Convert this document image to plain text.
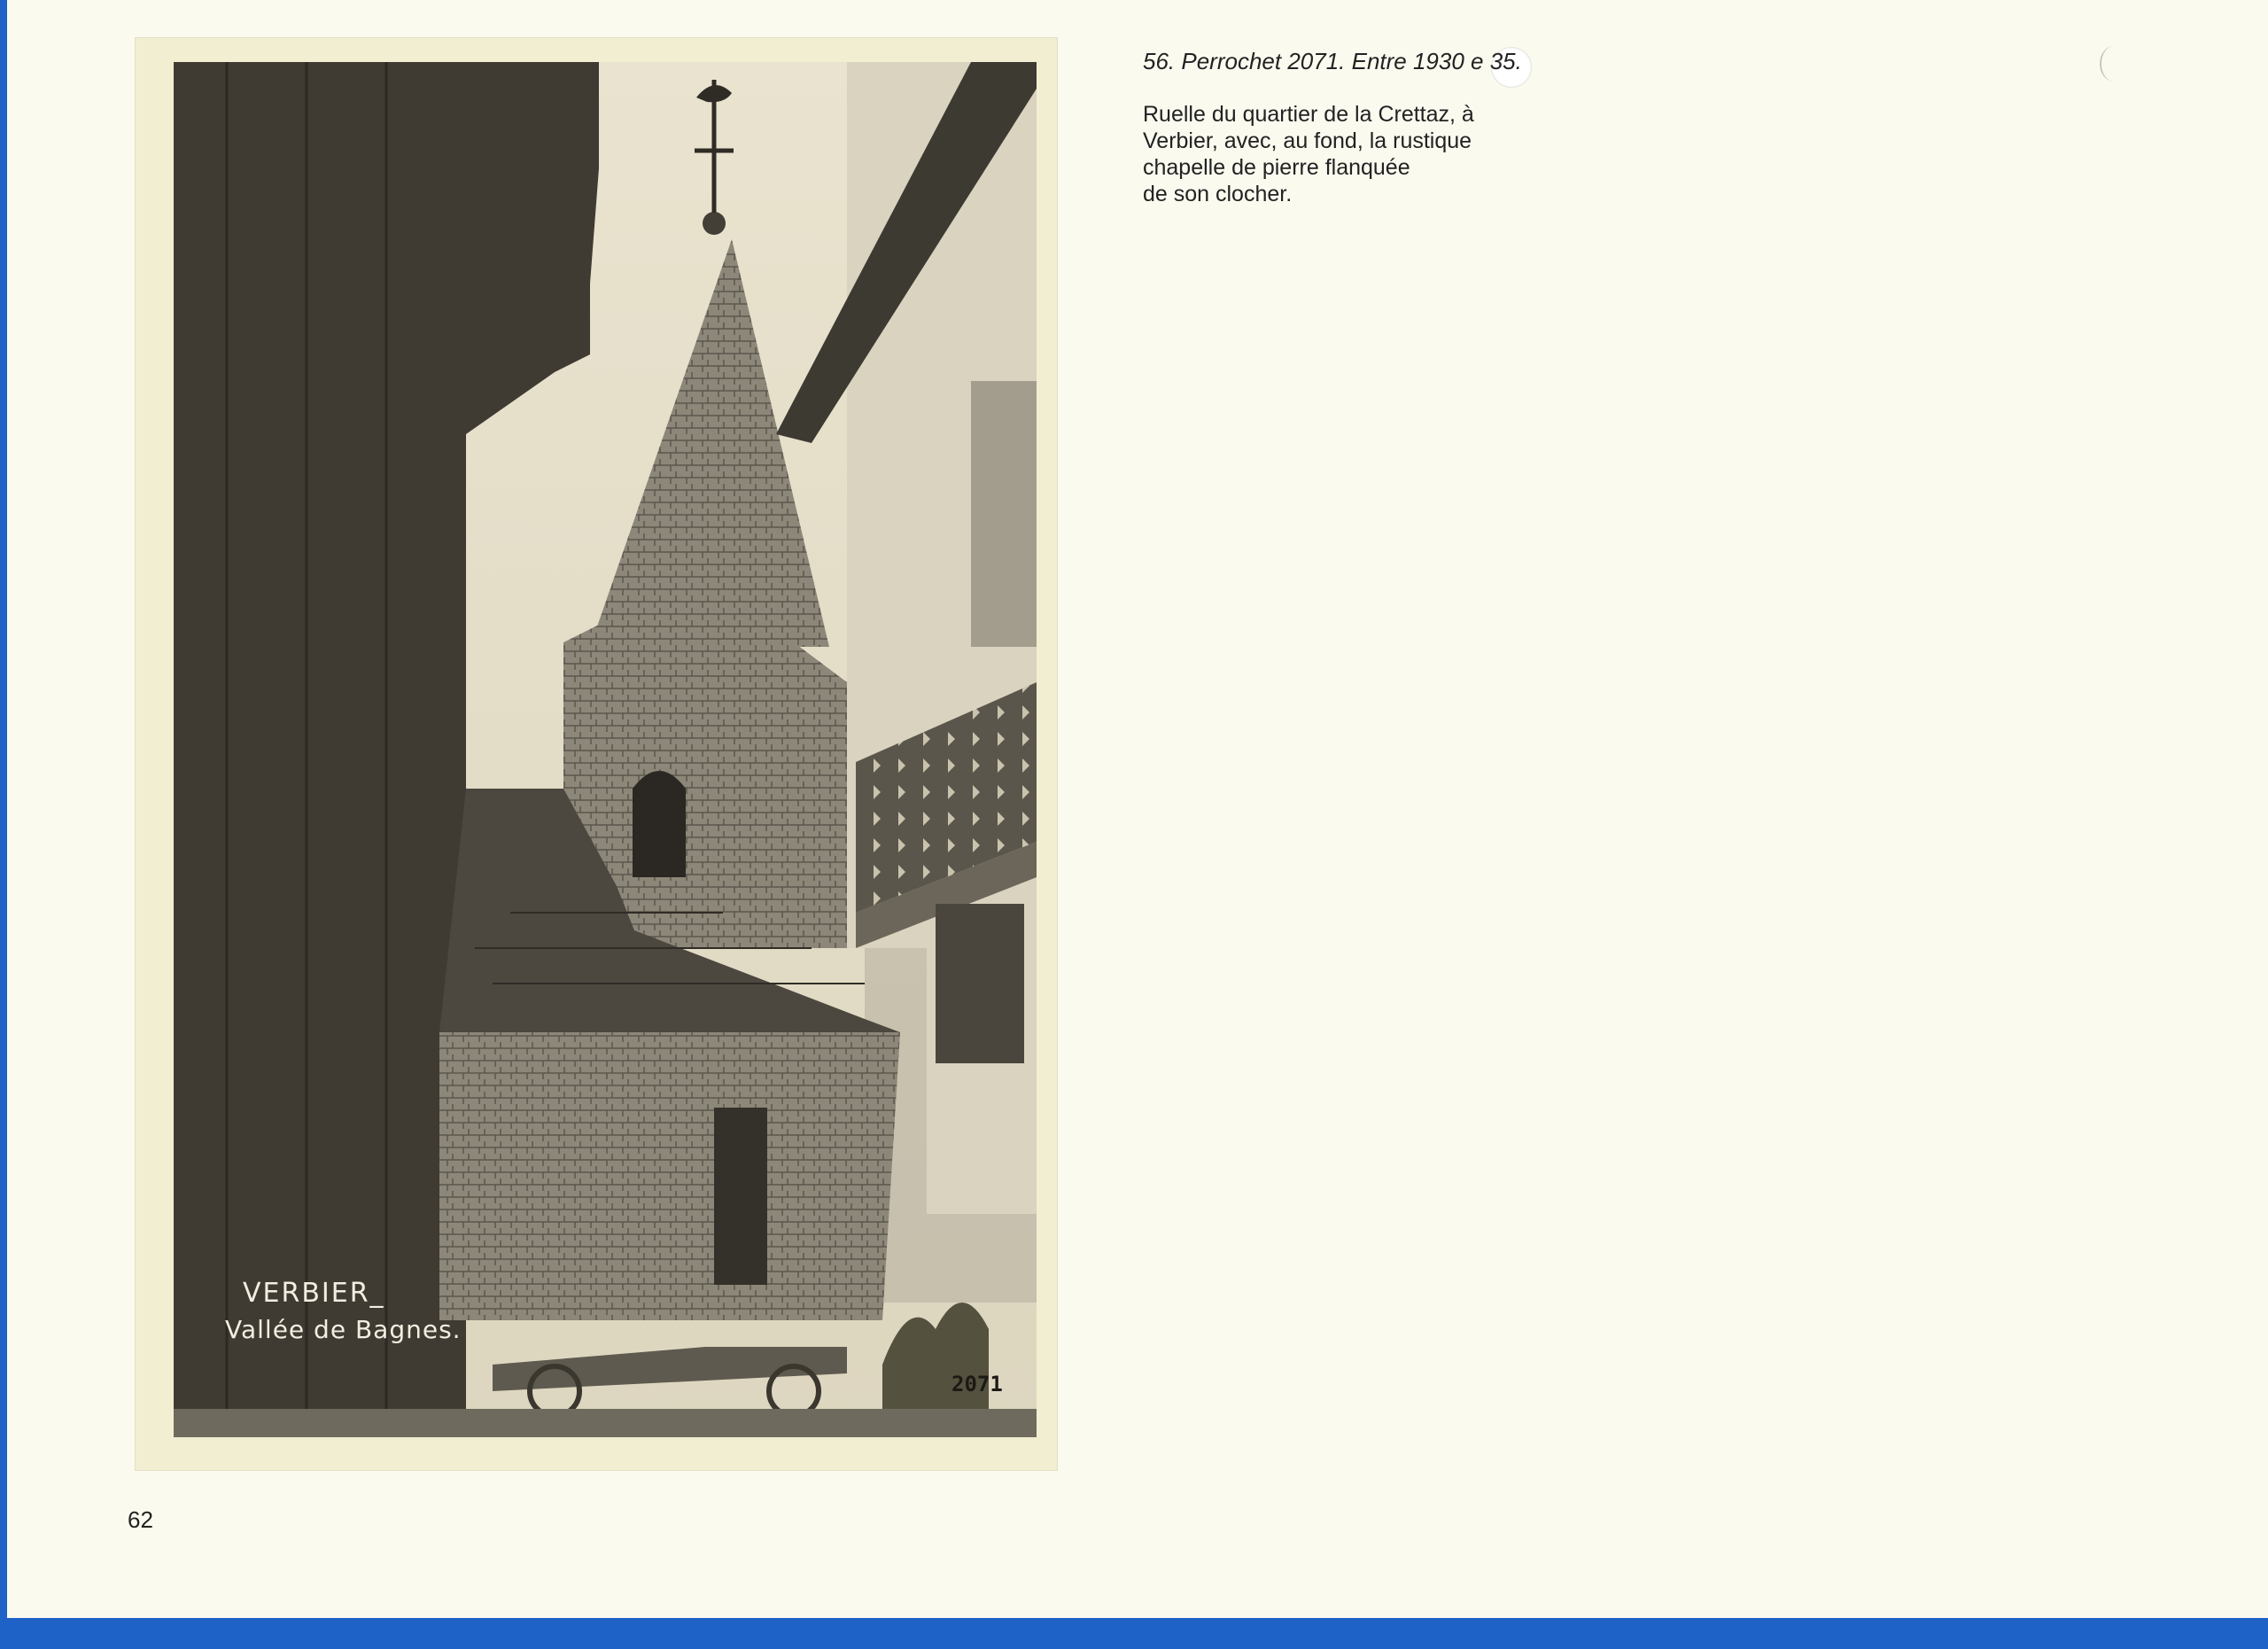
VERBIER_
Vallée de Bagnes.
2071
56. Perrochet 2071. Entre 1930 e 35.
Ruelle du quartier de la Crettaz, à
Verbier, avec, au fond, la rustique
chapelle de pierre flanquée
de son clocher.
62
